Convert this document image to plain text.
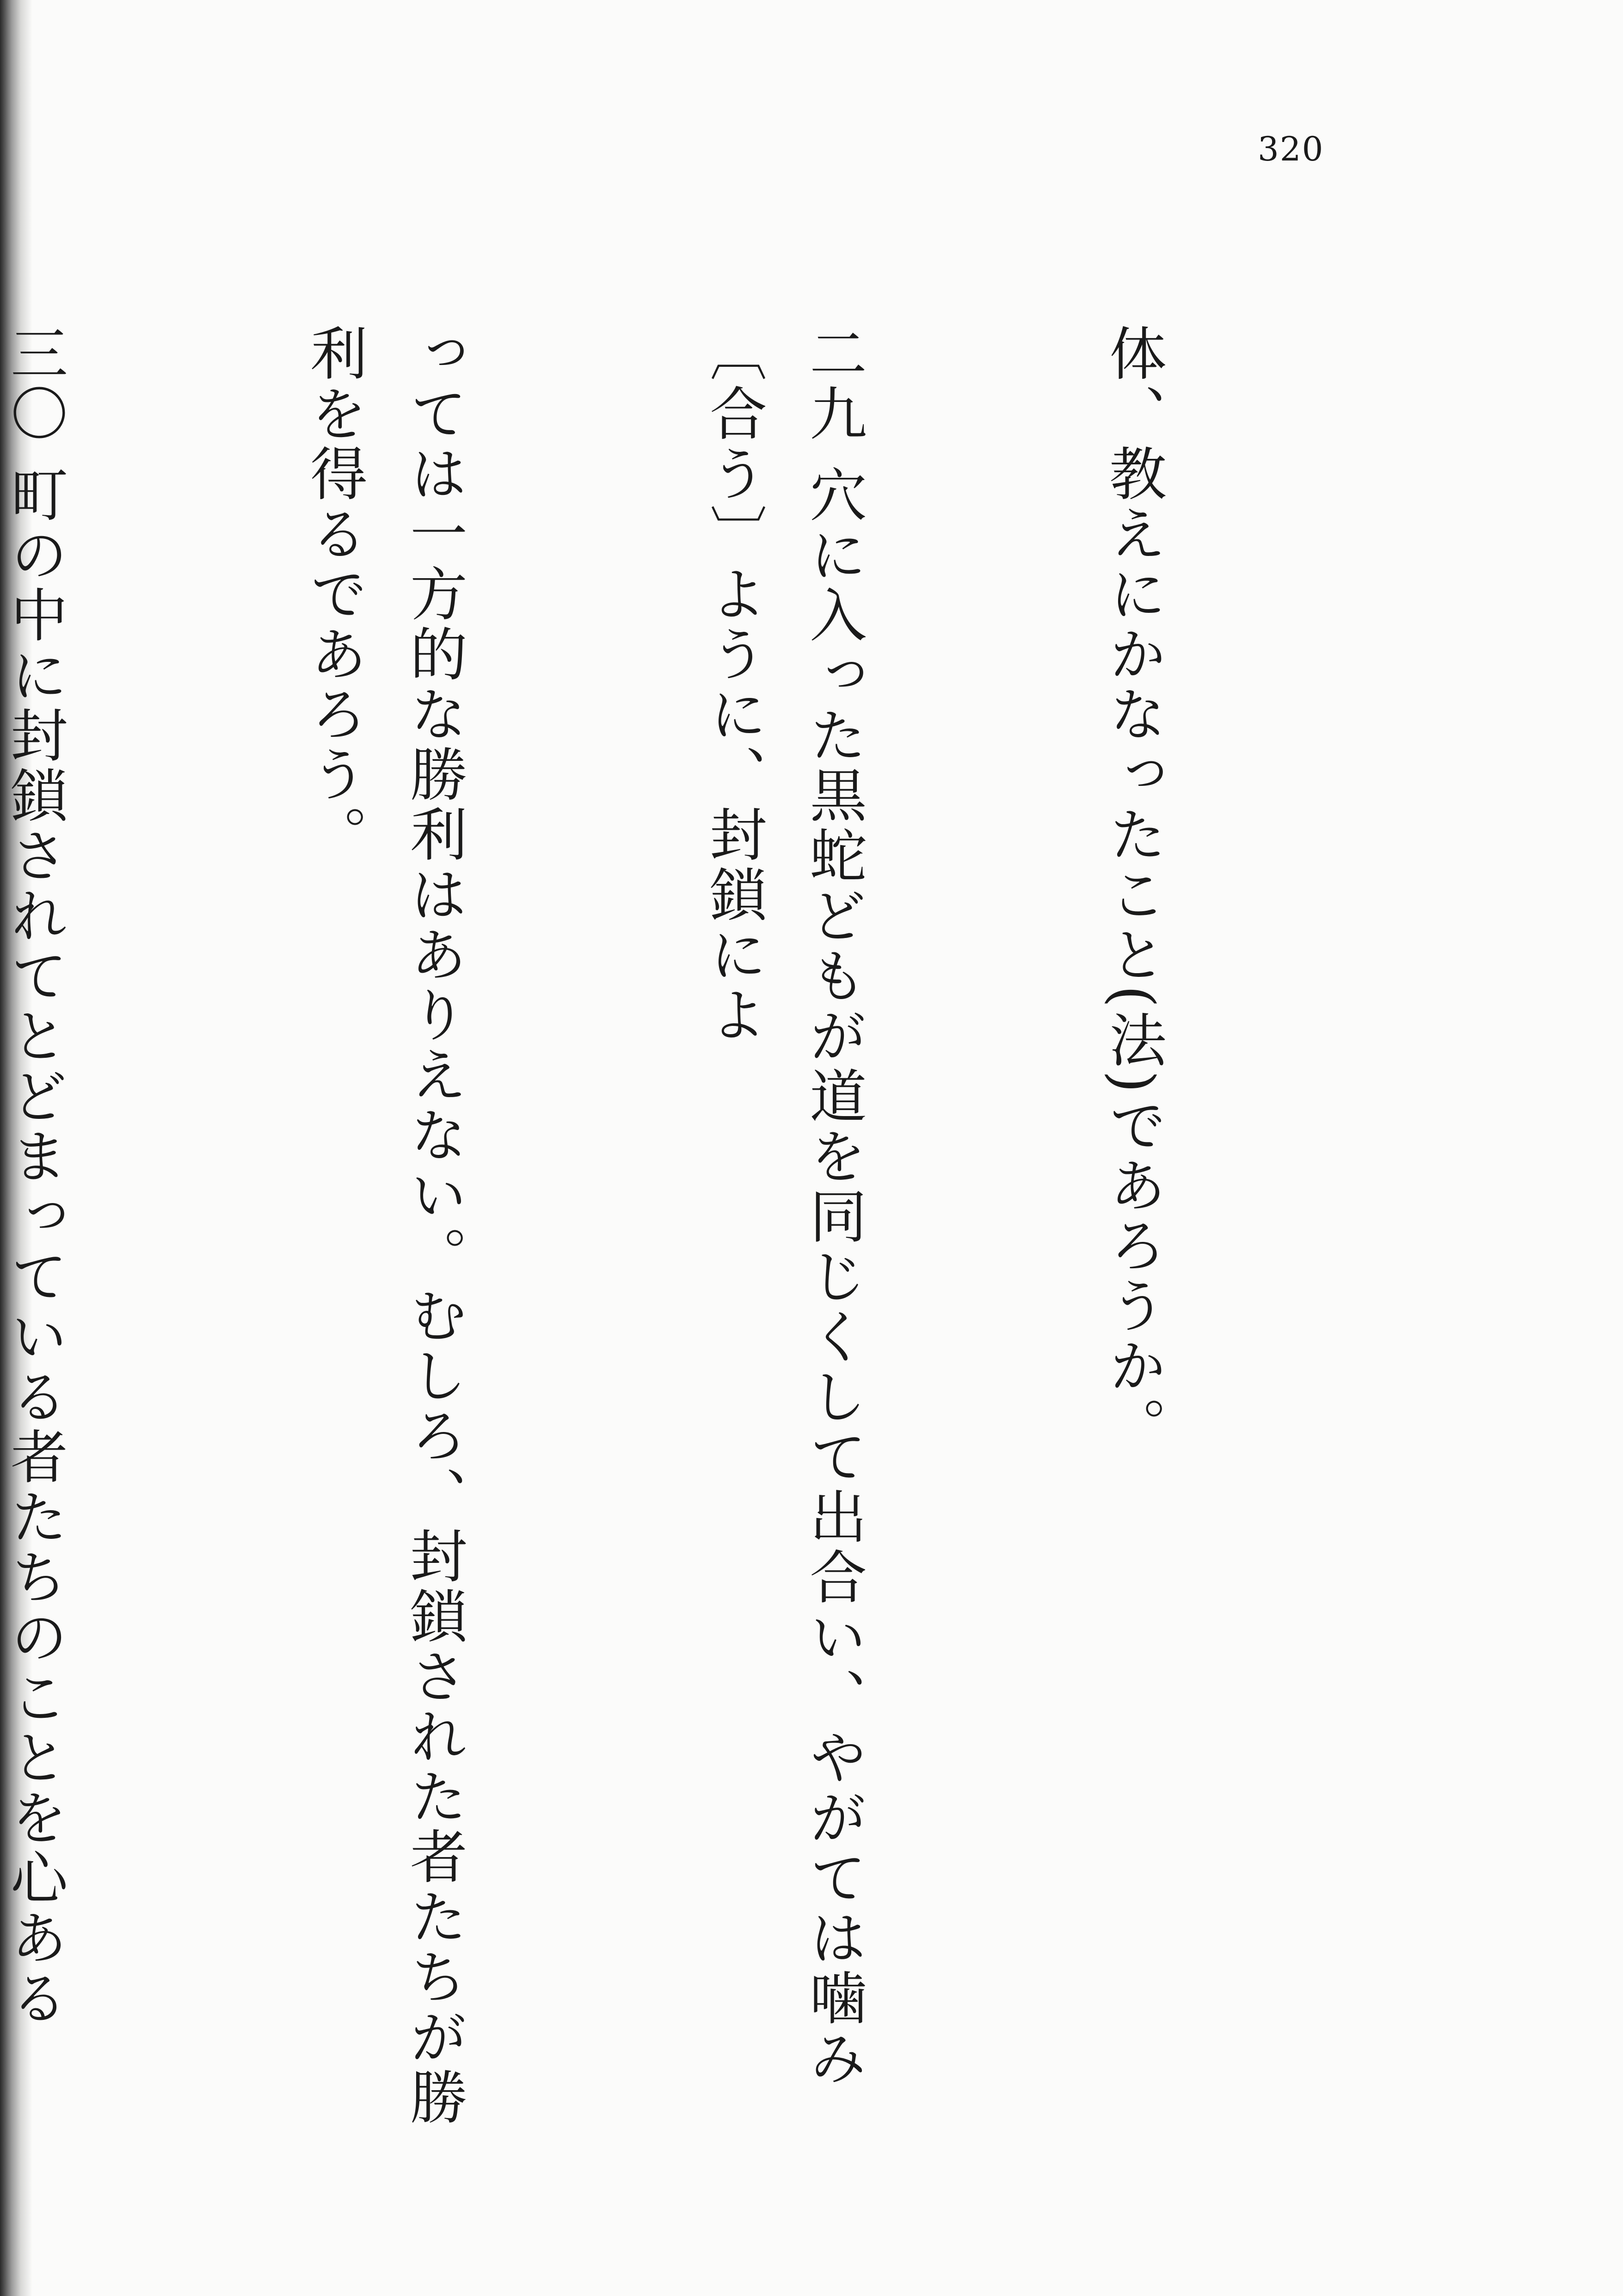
320

体、教えにかなったこと(法)であろうか。

二九 穴に入った黒蛇どもが道を同じくして出合い、やがては噛み〔合う〕ように、封鎖によ

っては一方的な勝利はありえない。むしろ、封鎖された者たちが勝利を得るであろう。

三〇 町の中に封鎖されてとどまっている者たちのことを心ある
